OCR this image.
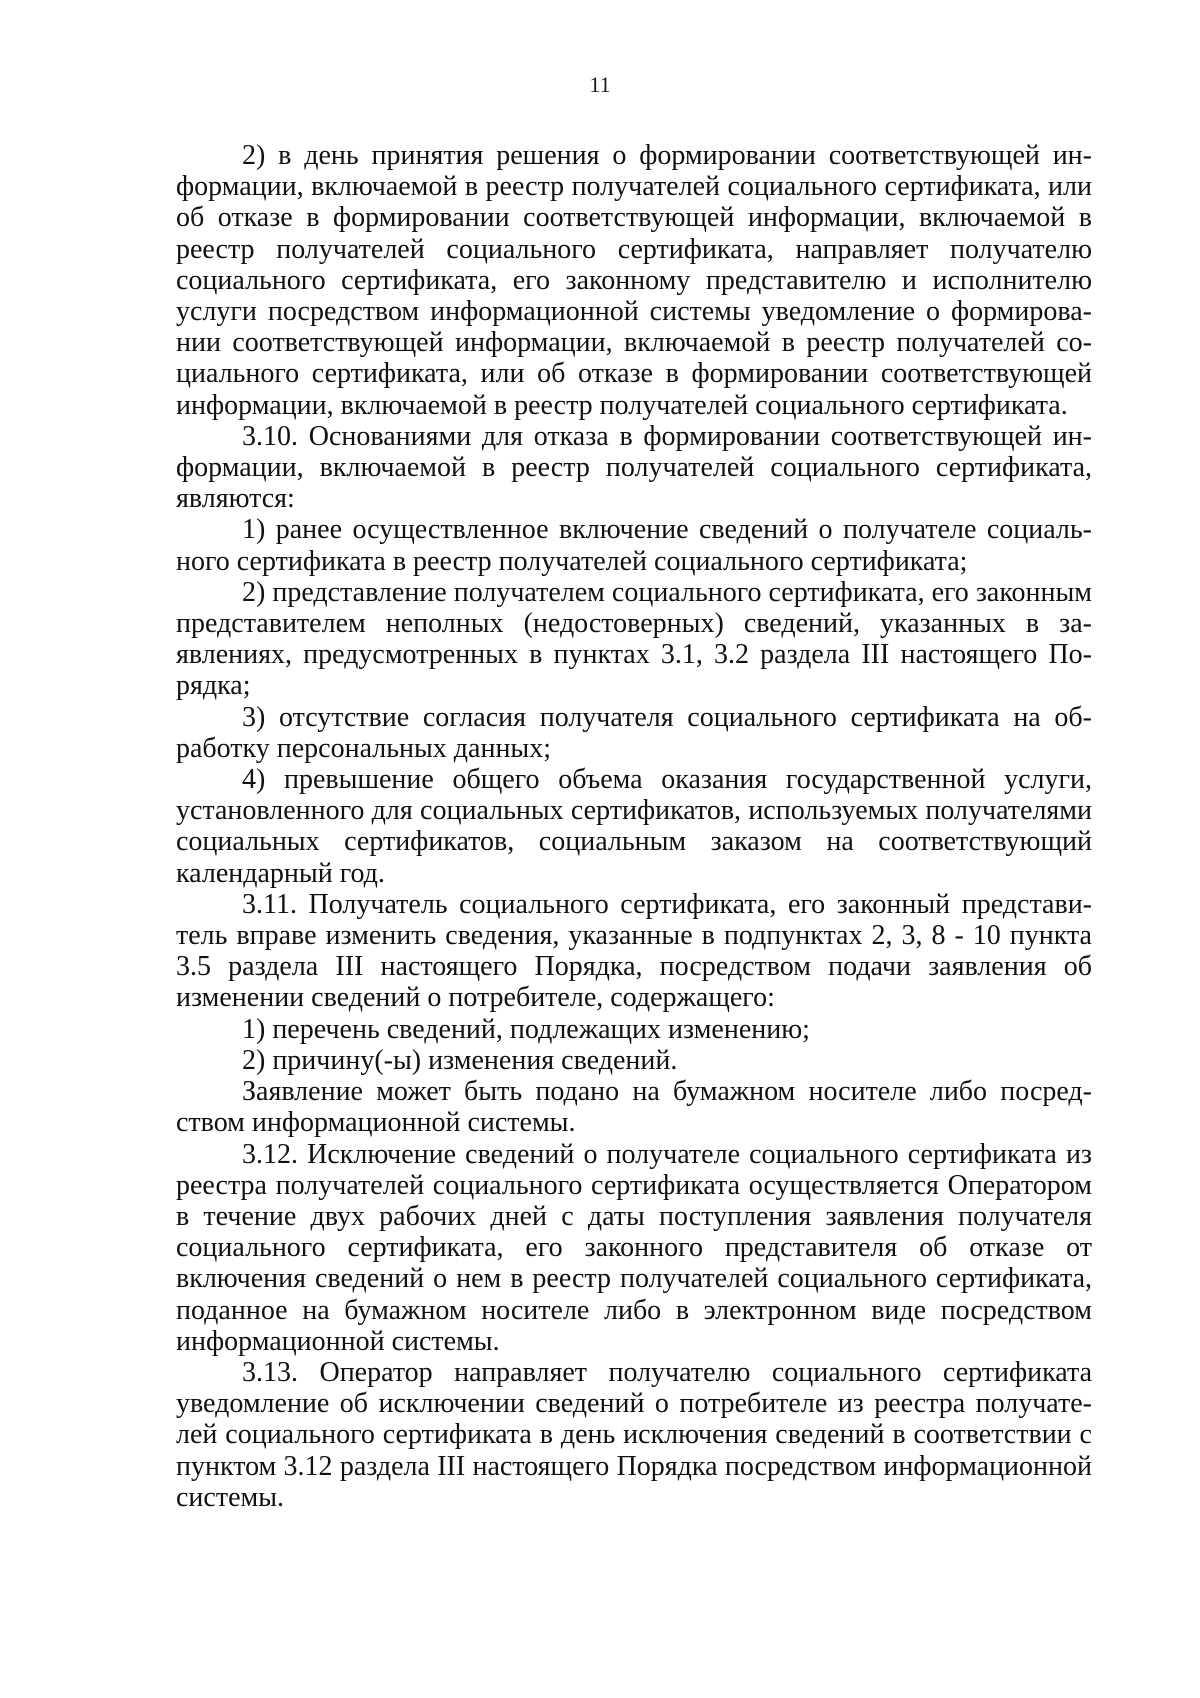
11

2) в день принятия решения о формировании соответствующей информации, включаемой в реестр получателей социального сертификата, или об отказе в формировании соответствующей информации, включаемой в реестр получателей социального сертификата, направляет получателю социального сертификата, его законному представителю и исполнителю услуги посредством информационной системы уведомление о формировании соответствующей информации, включаемой в реестр получателей социального сертификата, или об отказе в формировании соответствующей информации, включаемой в реестр получателей социального сертификата.

3.10. Основаниями для отказа в формировании соответствующей информации, включаемой в реестр получателей социального сертификата, являются:

1) ранее осуществленное включение сведений о получателе социального сертификата в реестр получателей социального сертификата;

2) представление получателем социального сертификата, его законным представителем неполных (недостоверных) сведений, указанных в заявлениях, предусмотренных в пунктах 3.1, 3.2 раздела III настоящего Порядка;

3) отсутствие согласия получателя социального сертификата на обработку персональных данных;

4) превышение общего объема оказания государственной услуги, установленного для социальных сертификатов, используемых получателями социальных сертификатов, социальным заказом на соответствующий календарный год.

3.11. Получатель социального сертификата, его законный представитель вправе изменить сведения, указанные в подпунктах 2, 3, 8 - 10 пункта 3.5 раздела III настоящего Порядка, посредством подачи заявления об изменении сведений о потребителе, содержащего:

1) перечень сведений, подлежащих изменению;

2) причину(-ы) изменения сведений.

Заявление может быть подано на бумажном носителе либо посредством информационной системы.

3.12. Исключение сведений о получателе социального сертификата из реестра получателей социального сертификата осуществляется Оператором в течение двух рабочих дней с даты поступления заявления получателя социального сертификата, его законного представителя об отказе от включения сведений о нем в реестр получателей социального сертификата, поданное на бумажном носителе либо в электронном виде посредством информационной системы.

3.13. Оператор направляет получателю социального сертификата уведомление об исключении сведений о потребителе из реестра получателей социального сертификата в день исключения сведений в соответствии с пунктом 3.12 раздела III настоящего Порядка посредством информационной системы.
